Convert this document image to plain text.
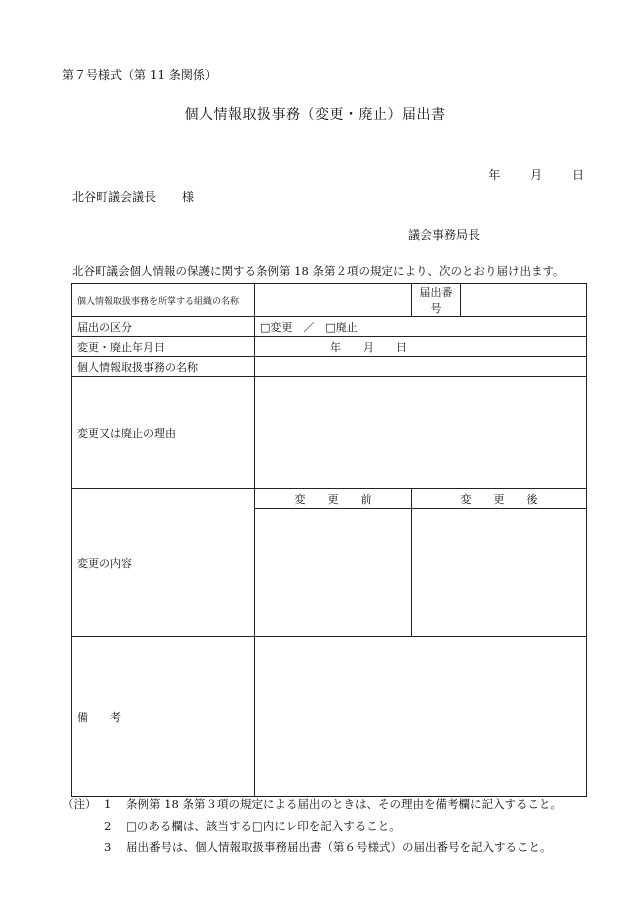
第７号様式（第 11 条関係）
個人情報取扱事務（変更・廃止）届出書
年 月 日
北谷町議会議長 様
議会事務局長
北谷町議会個人情報の保護に関する条例第 18 条第２項の規定により、次のとおり届け出ます。
個人情報取扱事務を所掌する組織の名称		届出番号	
届出の区分	□変更　／　□廃止		
変更・廃止年月日	年　　月　　日		
個人情報取扱事務の名称			
変更又は廃止の理由			
変更の内容	変　　更　　前	変　　更　　後	

備　　考			
（注） 1	条例第 18 条第３項の規定による届出のときは、その理由を備考欄に記入すること。
2	□のある欄は、該当する□内にレ印を記入すること。
3	届出番号は、個人情報取扱事務届出書（第６号様式）の届出番号を記入すること。
